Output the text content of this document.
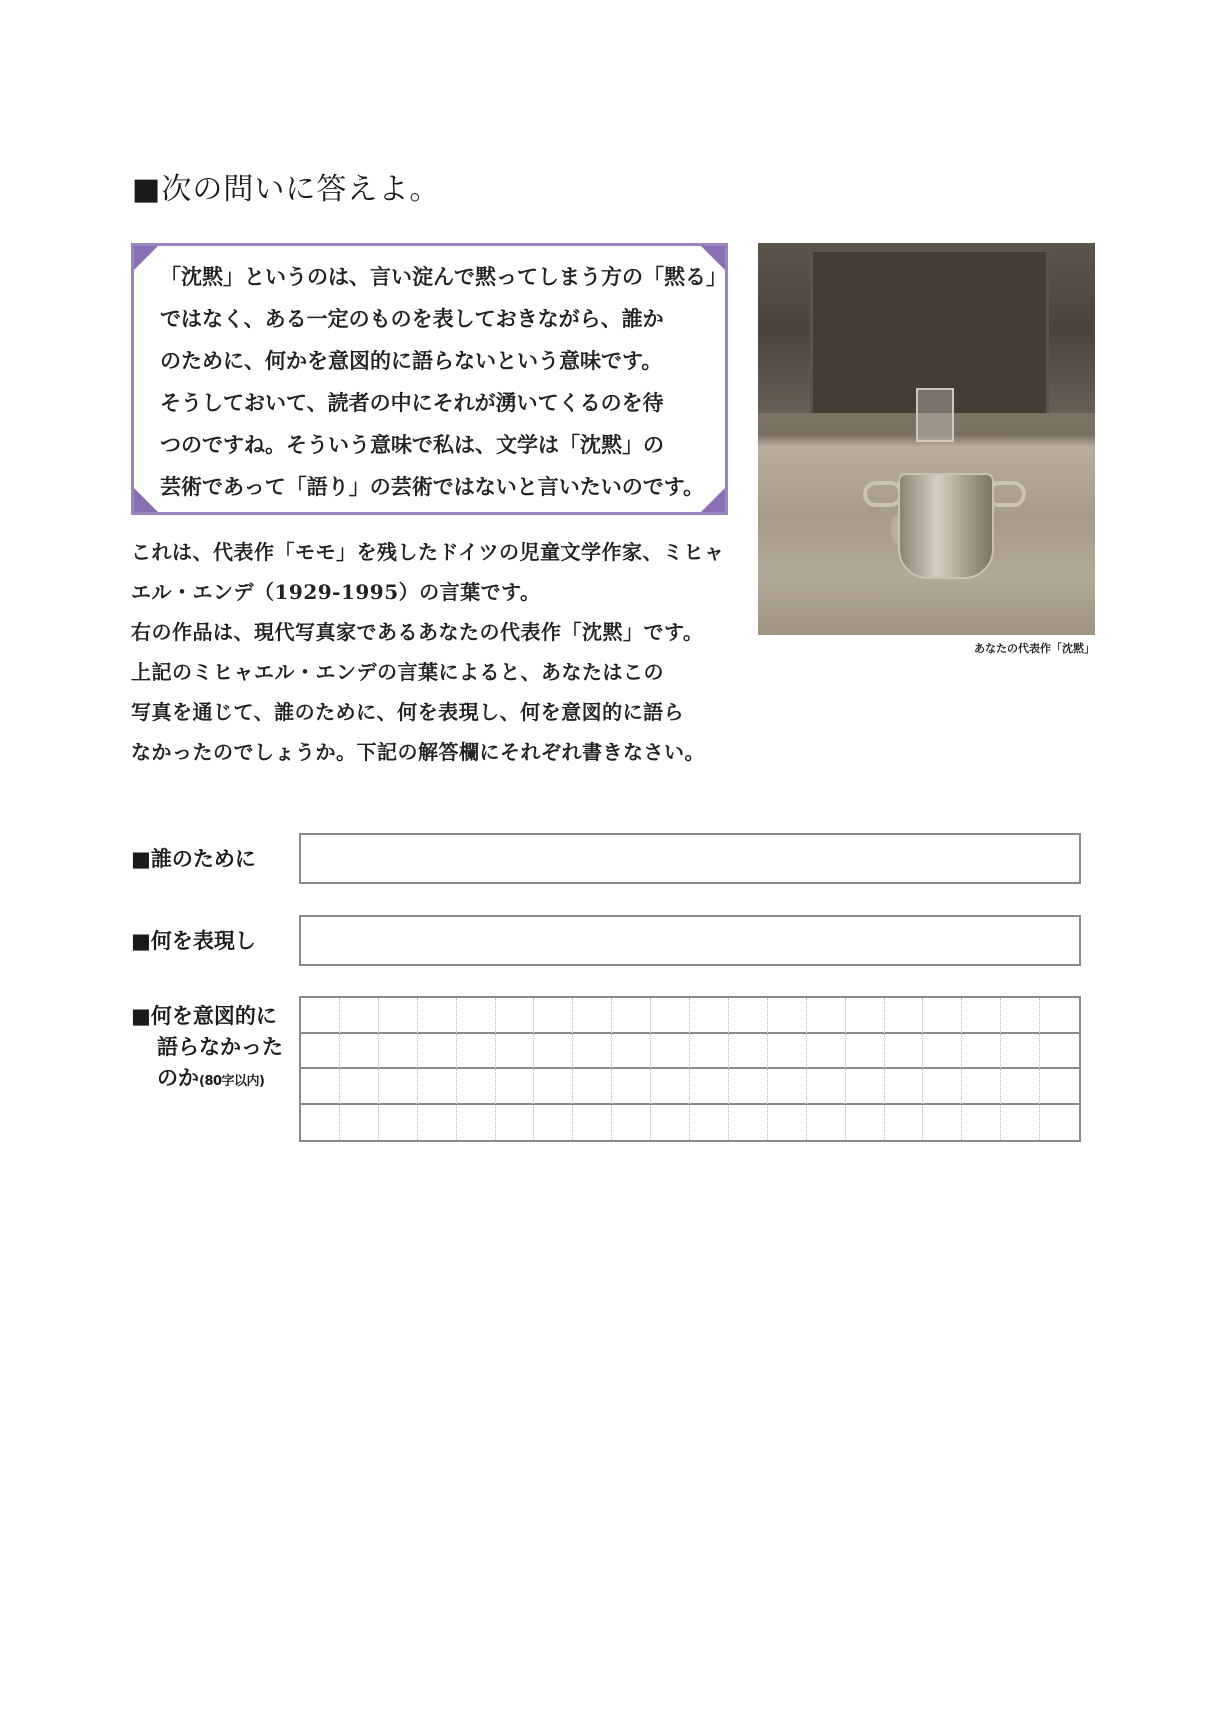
■次の問いに答えよ。
「沈黙」というのは、言い淀んで黙ってしまう方の「黙る」
ではなく、ある一定のものを表しておきながら、誰か
のために、何かを意図的に語らないという意味です。
そうしておいて、読者の中にそれが湧いてくるのを待
つのですね。そういう意味で私は、文学は「沈黙」の
芸術であって「語り」の芸術ではないと言いたいのです。
これは、代表作「モモ」を残したドイツの児童文学作家、ミヒャ
エル・エンデ（1929-1995）の言葉です。
右の作品は、現代写真家であるあなたの代表作「沈黙」です。
上記のミヒャエル・エンデの言葉によると、あなたはこの
写真を通じて、誰のために、何を表現し、何を意図的に語ら
なかったのでしょうか。下記の解答欄にそれぞれ書きなさい。
あなたの代表作「沈黙」
■誰のために
■何を表現し
■何を意図的に
語らなかった
のか(80字以内)
